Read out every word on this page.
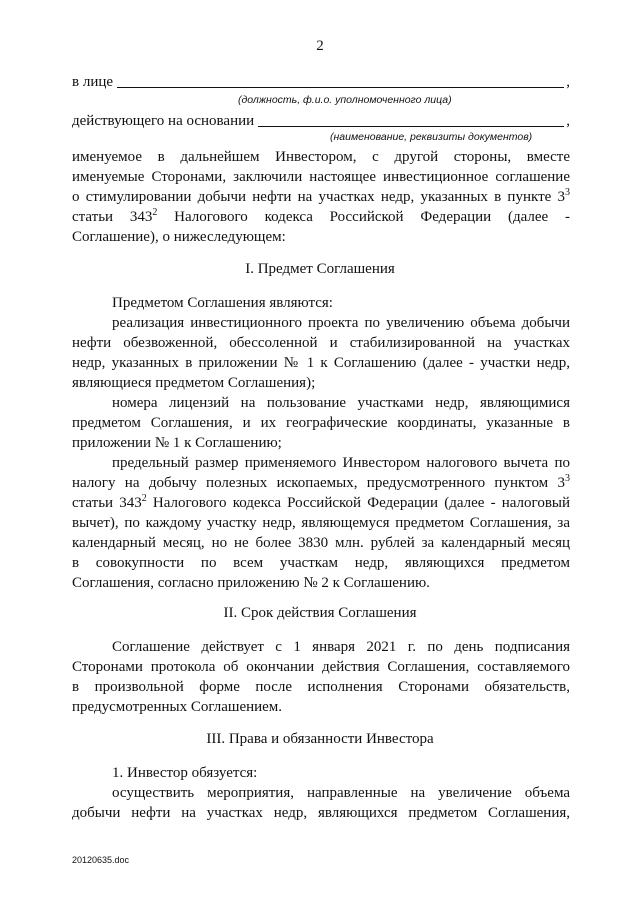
2
в лице	,
(должность, ф.и.о. уполномоченного лица)
действующего на основании	,
(наименование, реквизиты документов)
именуемое в дальнейшем Инвестором, с другой стороны, вместе
именуемые Сторонами, заключили настоящее инвестиционное соглашение
о стимулировании добычи нефти на участках недр, указанных в пункте $3^3$
статьи $343^2$ Налогового кодекса Российской Федерации (далее -
Соглашение), о нижеследующем:
I. Предмет Соглашения
Предметом Соглашения являются:
реализация инвестиционного проекта по увеличению объема добычи
нефти обезвоженной, обессоленной и стабилизированной на участках
недр, указанных в приложении № 1 к Соглашению (далее - участки недр,
являющиеся предметом Соглашения);
номера лицензий на пользование участками недр, являющимися
предметом Соглашения, и их географические координаты, указанные в
приложении № 1 к Соглашению;
предельный размер применяемого Инвестором налогового вычета по
налогу на добычу полезных ископаемых, предусмотренного пунктом $3^3$
статьи $343^2$ Налогового кодекса Российской Федерации (далее - налоговый
вычет), по каждому участку недр, являющемуся предметом Соглашения, за
календарный месяц, но не более 3830 млн. рублей за календарный месяц
в совокупности по всем участкам недр, являющихся предметом
Соглашения, согласно приложению № 2 к Соглашению.
II. Срок действия Соглашения
Соглашение действует с 1 января 2021 г. по день подписания
Сторонами протокола об окончании действия Соглашения, составляемого
в произвольной форме после исполнения Сторонами обязательств,
предусмотренных Соглашением.
III. Права и обязанности Инвестора
1. Инвестор обязуется:
осуществить мероприятия, направленные на увеличение объема
добычи нефти на участках недр, являющихся предметом Соглашения,
20120635.doc
